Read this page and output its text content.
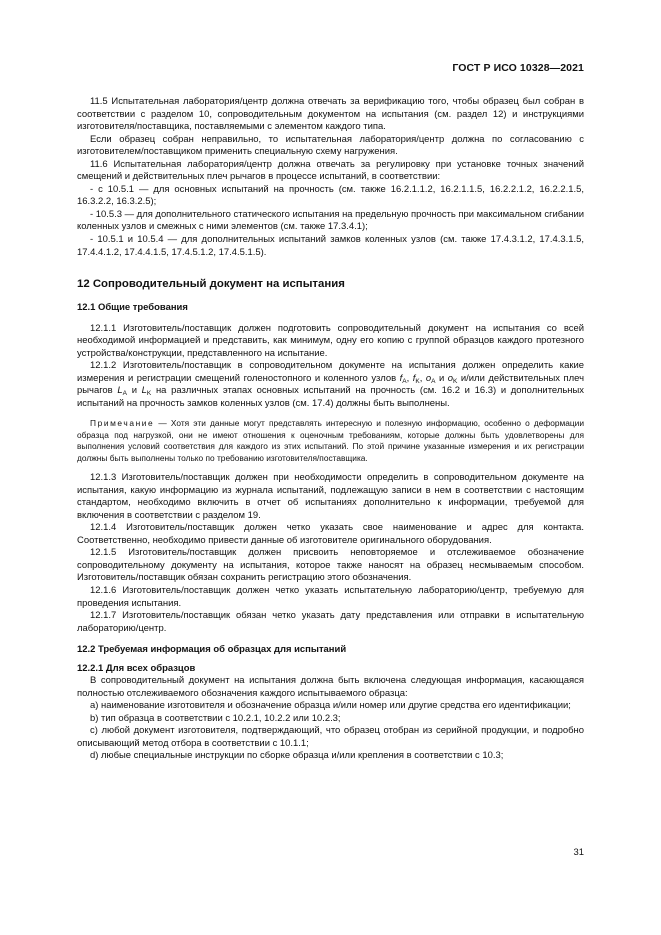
ГОСТ Р ИСО 10328—2021

11.5 Испытательная лаборатория/центр должна отвечать за верификацию того, чтобы образец был собран в соответствии с разделом 10, сопроводительным документом на испытания (см. раздел 12) и инструкциями изготовителя/поставщика, поставляемыми с элементом каждого типа.

Если образец собран неправильно, то испытательная лаборатория/центр должна по согласованию с изготовителем/поставщиком применить специальную схему нагружения.

11.6 Испытательная лаборатория/центр должна отвечать за регулировку при установке точных значений смещений и действительных плеч рычагов в процессе испытаний, в соответствии:

- с 10.5.1 — для основных испытаний на прочность (см. также 16.2.1.1.2, 16.2.1.1.5, 16.2.2.1.2, 16.2.2.1.5, 16.3.2.2, 16.3.2.5);

- 10.5.3 — для дополнительного статического испытания на предельную прочность при максимальном сгибании коленных узлов и смежных с ними элементов (см. также 17.3.4.1);

- 10.5.1 и 10.5.4 — для дополнительных испытаний замков коленных узлов (см. также 17.4.3.1.2, 17.4.3.1.5, 17.4.4.1.2, 17.4.4.1.5, 17.4.5.1.2, 17.4.5.1.5).

12 Сопроводительный документ на испытания
12.1 Общие требования

12.1.1 Изготовитель/поставщик должен подготовить сопроводительный документ на испытания со всей необходимой информацией и представить, как минимум, одну его копию с группой образцов каждого протезного устройства/конструкции, представленного на испытание.

12.1.2 Изготовитель/поставщик в сопроводительном документе на испытания должен определить какие измерения и регистрации смещений голеностопного и коленного узлов $f_A$, $f_K$, $o_A$ и $o_K$ и/или действительных плеч рычагов $L_A$ и $L_K$ на различных этапах основных испытаний на прочность (см. 16.2 и 16.3) и дополнительных испытаний на прочность замков коленных узлов (см. 17.4) должны быть выполнены.

Примечание — Хотя эти данные могут представлять интересную и полезную информацию, особенно о деформации образца под нагрузкой, они не имеют отношения к оценочным требованиям, которые должны быть удовлетворены для выполнения условий соответствия для каждого из этих испытаний. По этой причине указанные измерения и их регистрации должны быть выполнены только по требованию изготовителя/поставщика.

12.1.3 Изготовитель/поставщик должен при необходимости определить в сопроводительном документе на испытания, какую информацию из журнала испытаний, подлежащую записи в нем в соответствии с настоящим стандартом, необходимо включить в отчет об испытаниях дополнительно к информации, требуемой для включения в соответствии с разделом 19.

12.1.4 Изготовитель/поставщик должен четко указать свое наименование и адрес для контакта. Соответственно, необходимо привести данные об изготовителе оригинального оборудования.

12.1.5 Изготовитель/поставщик должен присвоить неповторяемое и отслеживаемое обозначение сопроводительному документу на испытания, которое также наносят на образец несмываемым способом. Изготовитель/поставщик обязан сохранить регистрацию этого обозначения.

12.1.6 Изготовитель/поставщик должен четко указать испытательную лабораторию/центр, требуемую для проведения испытания.

12.1.7 Изготовитель/поставщик обязан четко указать дату представления или отправки в испытательную лабораторию/центр.

12.2 Требуемая информация об образцах для испытаний
12.2.1 Для всех образцов

В сопроводительный документ на испытания должна быть включена следующая информация, касающаяся полностью отслеживаемого обозначения каждого испытываемого образца:

a) наименование изготовителя и обозначение образца и/или номер или другие средства его идентификации;

b) тип образца в соответствии с 10.2.1, 10.2.2 или 10.2.3;

c) любой документ изготовителя, подтверждающий, что образец отобран из серийной продукции, и подробно описывающий метод отбора в соответствии с 10.1.1;

d) любые специальные инструкции по сборке образца и/или крепления в соответствии с 10.3;

31
